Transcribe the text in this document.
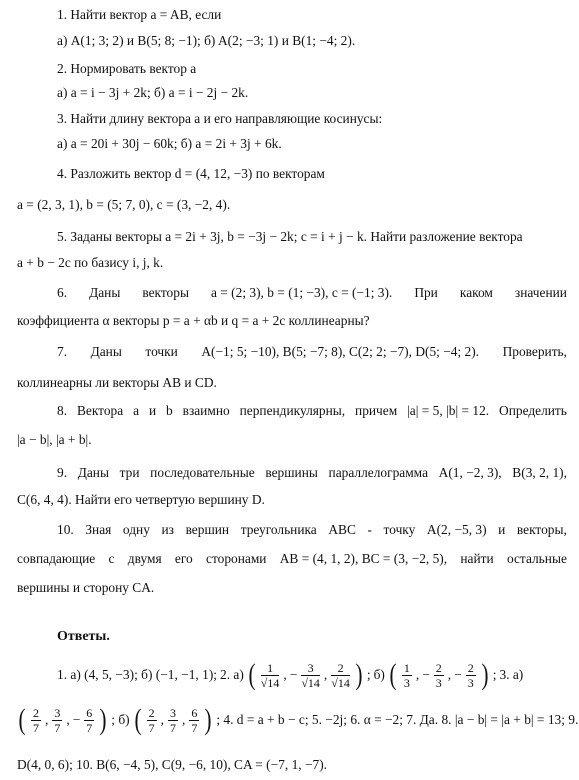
1. Найти вектор a = AB, если
а) A(1; 3; 2) и B(5; 8; −1); б) A(2; −3; 1) и B(1; −4; 2).
2. Нормировать вектор a
а) a = i − 3j + 2k; б) a = i − 2j − 2k.
3. Найти длину вектора a и его направляющие косинусы:
а) a = 20i + 30j − 60k; б) a = 2i + 3j + 6k.
4. Разложить вектор d = (4, 12, −3) по векторам
a = (2, 3, 1), b = (5; 7, 0), c = (3, −2, 4).
5. Заданы векторы a = 2i + 3j, b = −3j − 2k; c = i + j − k. Найти разложение вектора
a + b − 2c по базису i, j, k.
6. Даны векторы a = (2; 3), b = (1; −3), c = (−1; 3). При каком значении
коэффициента α векторы p = a + αb и q = a + 2c коллинеарны?
7. Даны точки A(−1; 5; −10), B(5; −7; 8), C(2; 2; −7), D(5; −4; 2). Проверить,
коллинеарны ли векторы AB и CD.
8. Вектора a и b взаимно перпендикулярны, причем |a| = 5, |b| = 12. Определить
|a − b|, |a + b|.
9. Даны три последовательные вершины параллелограмма A(1, −2, 3), B(3, 2, 1),
C(6, 4, 4). Найти его четвертую вершину D.
10. Зная одну из вершин треугольника ABC - точку A(2, −5, 3) и векторы,
совпадающие с двумя его сторонами AB = (4, 1, 2), BC = (3, −2, 5), найти остальные
вершины и сторону CA.
Ответы.
1. а) (4, 5, −3); б) (−1, −1, 1); 2. а) ( $\frac{1}{√14}$ , − $\frac{3}{√14}$ , $\frac{2}{√14}$ ) ; б) ( $\frac{1}{3}$ , − $\frac{2}{3}$ , − $\frac{2}{3}$ ) ; 3. а)
( $\frac{2}{7}$ , $\frac{3}{7}$ , − $\frac{6}{7}$ ) ; б) ( $\frac{2}{7}$ , $\frac{3}{7}$ , $\frac{6}{7}$ ) ; 4. d = a + b − c; 5. −2j; 6. α = −2; 7. Да. 8. |a − b| = |a + b| = 13; 9.
D(4, 0, 6); 10. B(6, −4, 5), C(9, −6, 10), CA = (−7, 1, −7).
